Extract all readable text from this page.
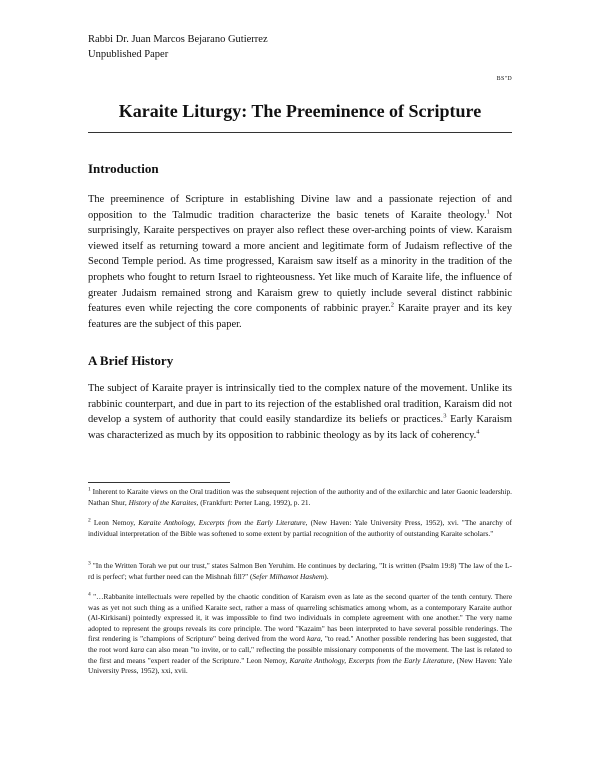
Rabbi Dr. Juan Marcos Bejarano Gutierrez
Unpublished Paper
BS"D
Karaite Liturgy: The Preeminence of Scripture
Introduction

The preeminence of Scripture in establishing Divine law and a passionate rejection of and opposition to the Talmudic tradition characterize the basic tenets of Karaite theology.$^1$ Not surprisingly, Karaite perspectives on prayer also reflect these over-arching points of view. Karaism viewed itself as returning toward a more ancient and legitimate form of Judaism reflective of the Second Temple period. As time progressed, Karaism saw itself as a minority in the tradition of the prophets who fought to return Israel to righteousness. Yet like much of Karaite life, the influence of greater Judaism remained strong and Karaism grew to quietly include several distinct rabbinic features even while rejecting the core components of rabbinic prayer.$^2$ Karaite prayer and its key features are the subject of this paper.

A Brief History

The subject of Karaite prayer is intrinsically tied to the complex nature of the movement. Unlike its rabbinic counterpart, and due in part to its rejection of the established oral tradition, Karaism did not develop a system of authority that could easily standardize its beliefs or practices.$^3$ Early Karaism was characterized as much by its opposition to rabbinic theology as by its lack of coherency.$^4$

$^1$ Inherent to Karaite views on the Oral tradition was the subsequent rejection of the authority and of the exilarchic and later Gaonic leadership. Nathan Shur, History of the Karaites, (Frankfurt: Perter Lang, 1992), p. 21.

$^2$ Leon Nemoy, Karaite Anthology, Excerpts from the Early Literature, (New Haven: Yale University Press, 1952), xvi. "The anarchy of individual interpretation of the Bible was softened to some extent by partial recognition of the authority of outstanding Karaite scholars."

$^3$ "In the Written Torah we put our trust," states Salmon Ben Yeruhim. He continues by declaring, "It is written (Psalm 19:8) 'The law of the L-rd is perfect'; what further need can the Mishnah fill?" (Sefer Milhamot Hashem).

$^4$ "…Rabbanite intellectuals were repelled by the chaotic condition of Karaism even as late as the second quarter of the tenth century. There was as yet not such thing as a unified Karaite sect, rather a mass of quarreling schismatics among whom, as a contemporary Karaite author (Al-Kirkisani) pointedly expressed it, it was impossible to find two individuals in complete agreement with one another." The very name adopted to represent the groups reveals its core principle. The word "Kazaim" has been interpreted to have several possible renderings. The first rendering is "champions of Scripture" being derived from the word kara, "to read." Another possible rendering has been suggested, that the root word kara can also mean "to invite, or to call," reflecting the possible missionary components of the movement. The last is related to the first and means "expert reader of the Scripture." Leon Nemoy, Karaite Anthology, Excerpts from the Early Literature, (New Haven: Yale University Press, 1952), xxi, xvii.
